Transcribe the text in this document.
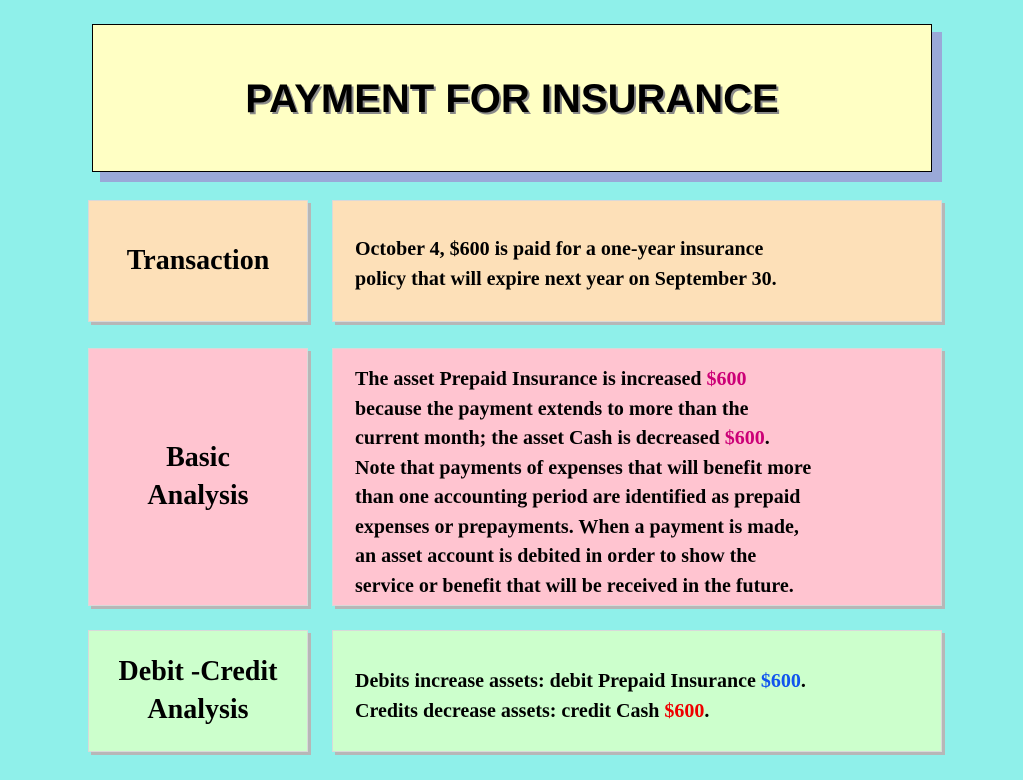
PAYMENT FOR INSURANCE
Transaction	October 4, $600 is paid for a one-year insurance
policy that will expire next year on September 30.
Basic
Analysis
The asset Prepaid Insurance is increased $600
because the payment extends to more than the
current month; the asset Cash is decreased $600.
Note that payments of expenses that will benefit more
than one accounting period are identified as prepaid
expenses or prepayments. When a payment is made,
an asset account is debited in order to show the
service or benefit that will be received in the future.
Debit -Credit
Analysis
Debits increase assets: debit Prepaid Insurance $600.
Credits decrease assets: credit Cash $600.
